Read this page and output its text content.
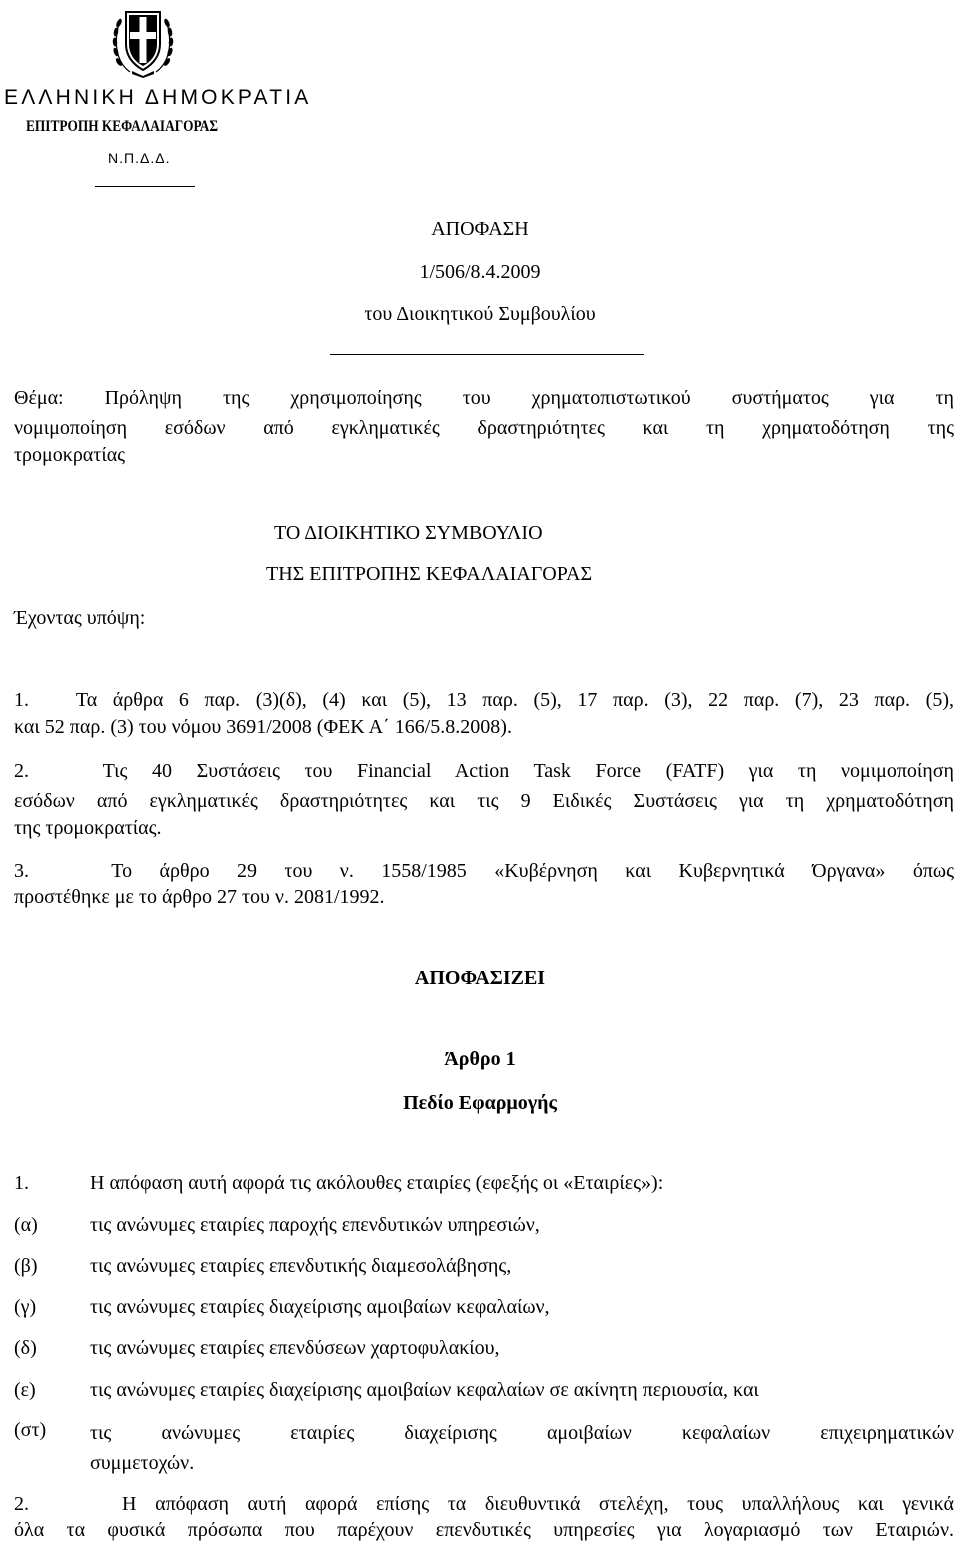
ΕΛΛΗΝΙΚΗ ΔΗΜΟΚΡΑΤΙΑ
ΕΠΙΤΡΟΠΗ ΚΕΦΑΛΑΙΑΓΟΡΑΣ
Ν.Π.Δ.Δ.
ΑΠΟΦΑΣΗ
1/506/8.4.2009
του Διοικητικού Συμβουλίου
Θέμα: Πρόληψη της χρησιμοποίησης του χρηματοπιστωτικού συστήματος για τη
νομιμοποίηση εσόδων από εγκληματικές δραστηριότητες και τη χρηματοδότηση της
τρομοκρατίας
ΤΟ ΔΙΟΙΚΗΤΙΚΟ ΣΥΜΒΟΥΛΙΟ
ΤΗΣ ΕΠΙΤΡΟΠΗΣ ΚΕΦΑΛΑΙΑΓΟΡΑΣ
Έχοντας υπόψη:
1.   Τα άρθρα 6 παρ. (3)(δ), (4) και (5), 13 παρ. (5), 17 παρ. (3), 22 παρ. (7), 23 παρ. (5),
και 52 παρ. (3) του νόμου 3691/2008 (ΦΕΚ Α΄ 166/5.8.2008).
2.   Τις 40 Συστάσεις του Financial Action Task Force (FATF) για τη νομιμοποίηση
εσόδων από εγκληματικές δραστηριότητες και τις 9 Ειδικές Συστάσεις για τη χρηματοδότηση
της τρομοκρατίας.
3.   Το άρθρο 29 του ν. 1558/1985 «Κυβέρνηση και Κυβερνητικά Όργανα» όπως
προστέθηκε με το άρθρο 27 του ν. 2081/1992.
ΑΠΟΦΑΣΙΖΕΙ
Άρθρο 1
Πεδίο Εφαρμογής
1.	Η απόφαση αυτή αφορά τις ακόλουθες εταιρίες (εφεξής οι «Εταιρίες»):
(α)	τις ανώνυμες εταιρίες παροχής επενδυτικών υπηρεσιών,
(β)	τις ανώνυμες εταιρίες επενδυτικής διαμεσολάβησης,
(γ)	τις ανώνυμες εταιρίες διαχείρισης αμοιβαίων κεφαλαίων,
(δ)	τις ανώνυμες εταιρίες επενδύσεων χαρτοφυλακίου,
(ε)	τις ανώνυμες εταιρίες διαχείρισης αμοιβαίων κεφαλαίων σε ακίνητη περιουσία, και
(στ) τις ανώνυμες εταιρίες διαχείρισης αμοιβαίων κεφαλαίων επιχειρηματικών
συμμετοχών.
2.     Η απόφαση αυτή αφορά επίσης τα διευθυντικά στελέχη, τους υπαλλήλους και γενικά
όλα τα φυσικά πρόσωπα που παρέχουν επενδυτικές υπηρεσίες για λογαριασμό των Εταιριών.
